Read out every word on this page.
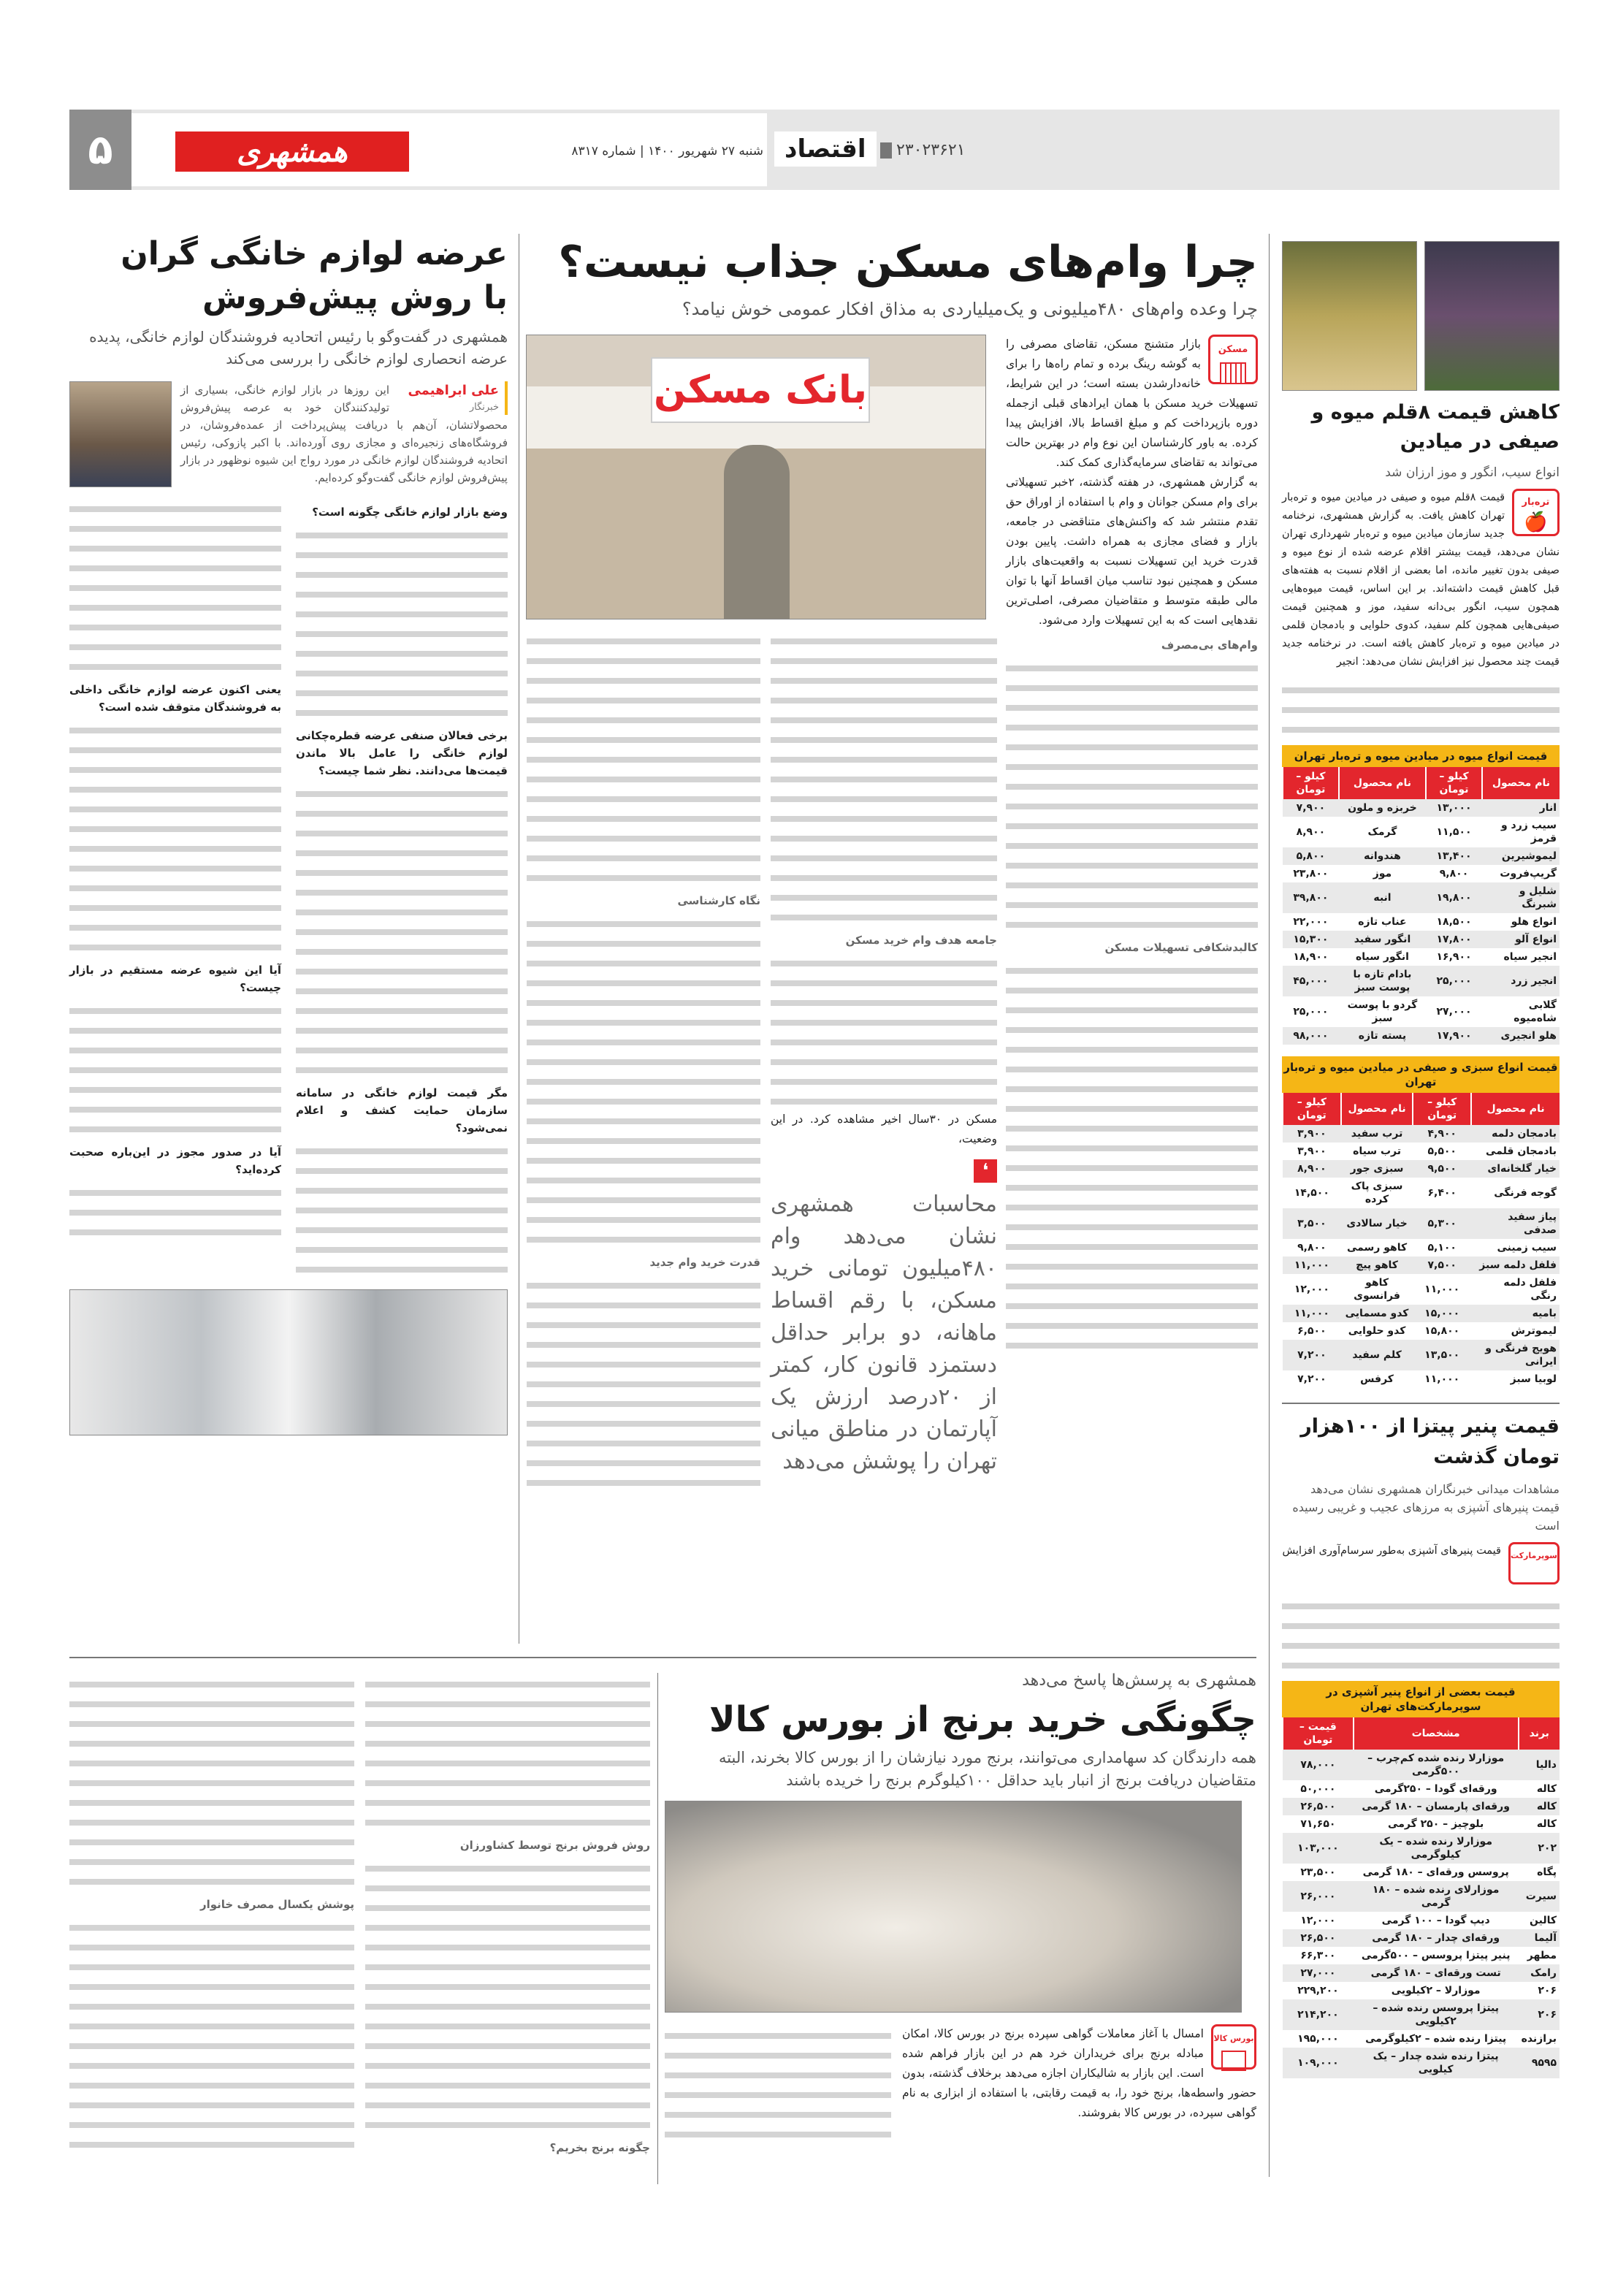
۵	همشهری	شنبه ۲۷ شهریور ۱۴۰۰ | شماره ۸۳۱۷ اقتصاد	۲۳۰۲۳۶۲۱
چرا وام‌های مسکن جذاب نیست؟
چرا وعده وام‌های ۴۸۰میلیونی و یک‌میلیاردی به مذاق افکار عمومی خوش نیامد؟
مسکن
بازار متشنج مسکن، تقاضای مصرفی را به گوشه رینگ برده و تمام راه‌ها را برای خانه‌دارشدن بسته است؛ در این شرایط، تسهیلات خرید مسکن با همان ایرادهای قبلی ازجمله دوره بازپرداخت کم و مبلغ اقساط بالا، افزایش پیدا کرده. به باور کارشناسان این نوع وام در بهترین حالت می‌تواند به تقاضای سرمایه‌گذاری کمک کند.
به گزارش همشهری، در هفته گذشته، ۲خبر تسهیلاتی برای وام مسکن جوانان و وام با استفاده از اوراق حق تقدم منتشر شد که واکنش‌های متناقضی در جامعه، بازار و فضای مجازی به همراه داشت. پایین بودن قدرت خرید این تسهیلات نسبت به واقعیت‌های بازار مسکن و همچنین نبود تناسب میان اقساط آنها با توان مالی طبقه متوسط و متقاضیان مصرفی، اصلی‌ترین نقدهایی است که به این تسهیلات وارد می‌شود.
وام‌های بی‌مصرف
کالبدشکافی تسهیلات مسکن
بانک مسکن
جامعه هدف وام خرید مسکن
مسکن در ۳۰سال اخیر مشاهده کرد. در این وضعیت،
❛
محاسبات همشهری نشان می‌دهد وام ۴۸۰میلیون تومانی خرید مسکن، با رقم اقساط ماهانه، دو برابر حداقل دستمزد قانون کار، کمتر از ۲۰درصد ارزش یک آپارتمان در مناطق میانی تهران را پوشش می‌دهد
نگاه کارشناسی
قدرت خرید وام جدید
عرضه لوازم خانگی گران
با روش پیش‌فروش
همشهری در گفت‌وگو با رئیس اتحادیه فروشندگان لوازم خانگی، پدیده عرضه انحصاری لوازم خانگی را بررسی می‌کند
علی ابراهیمی
خبرنگار
این روزها در بازار لوازم خانگی، بسیاری از تولیدکنندگان خود به عرصه پیش‌فروش محصولاتشان، آن‌هم با دریافت پیش‌پرداخت از عمده‌فروشان، در فروشگاه‌های زنجیره‌ای و مجازی روی آورده‌اند. با اکبر پازوکی، رئیس اتحادیه فروشندگان لوازم خانگی در مورد رواج این شیوه نوظهور در بازار پیش‌فروش لوازم خانگی گفت‌وگو کرده‌ایم.
وضع بازار لوازم خانگی چگونه است؟
برخی فعالان صنفی عرضه قطره‌چکانی لوازم خانگی را عامل بالا ماندن قیمت‌ها می‌دانند. نظر شما چیست؟
مگر قیمت لوازم خانگی در سامانه سازمان حمایت کشف و اعلام نمی‌شود؟
یعنی اکنون عرضه لوازم خانگی داخلی به فروشندگان متوقف شده است؟
آیا این شیوه عرضه مستقیم در بازار چیست؟
آیا در صدور مجوز در این‌باره صحبت کرده‌اید؟
همشهری به پرسش‌ها پاسخ می‌دهد
چگونگی خرید برنج از بورس کالا
همه دارندگان کد سهامداری می‌توانند، برنج مورد نیازشان را از بورس کالا بخرند، البته متقاضیان دریافت برنج از انبار باید حداقل ۱۰۰کیلوگرم برنج را خریده باشند
بورس کالا
امسال با آغاز معاملات گواهی سپرده برنج در بورس کالا، امکان مبادله برنج برای خریداران خرد هم در این بازار فراهم شده است. این بازار به شالیکاران اجازه می‌دهد برخلاف گذشته، بدون حضور واسطه‌ها، برنج خود را، به قیمت رقابتی، با استفاده از ابزاری به نام گواهی سپرده، در بورس کالا بفروشند.
روش فروش برنج توسط کشاورزان
چگونه برنج بخریم؟
پوشش یکسال مصرف خانوار
کاهش قیمت ۸قلم میوه و صیفی در میادین
انواع سیب، انگور و موز ارزان شد
تره‌بار
🍎
قیمت ۸قلم میوه و صیفی در میادین میوه و تره‌بار تهران کاهش یافت. به گزارش همشهری، نرخنامه جدید سازمان میادین میوه و تره‌بار شهرداری تهران نشان می‌دهد، قیمت بیشتر اقلام عرضه شده از نوع میوه و صیفی بدون تغییر مانده، اما بعضی از اقلام نسبت به هفته‌های قبل کاهش قیمت داشته‌اند. بر این اساس، قیمت میوه‌هایی همچون سیب، انگور بی‌دانه سفید، موز و همچنین قیمت صیفی‌هایی همچون کلم سفید، کدوی حلوایی و بادمجان قلمی در میادین میوه و تره‌بار کاهش یافته است. در نرخنامه جدید قیمت چند محصول نیز افزایش نشان می‌دهد: انجیر
قیمت انواع میوه در میادین میوه و تره‌بار تهران
نام محصول	کیلو – تومان	نام محصول	کیلو – تومان
انار	۱۳,۰۰۰	خربزه و ملون	۷,۹۰۰
سیب زرد و قرمز	۱۱,۵۰۰	گرمک	۸,۹۰۰
لیموشیرین	۱۳,۴۰۰	هندوانه	۵,۸۰۰
گریپ‌فروت	۹,۸۰۰	موز	۲۳,۸۰۰
شلیل و شبرنگ	۱۹,۸۰۰	انبه	۳۹,۸۰۰
انواع هلو	۱۸,۵۰۰	عناب تازه	۲۲,۰۰۰
انواع آلو	۱۷,۸۰۰	انگور سفید	۱۵,۳۰۰
انجیر سیاه	۱۶,۹۰۰	انگور سیاه	۱۸,۹۰۰
انجیر زرد	۲۵,۰۰۰	بادام تازه با پوست سبز	۴۵,۰۰۰
گلابی شاه‌میوه	۲۷,۰۰۰	گردو با پوست سبز	۲۵,۰۰۰
هلو انجیری	۱۷,۹۰۰	پسته تازه	۹۸,۰۰۰
قیمت انواع سبزی و صیفی در میادین میوه و تره‌بار تهران
نام محصول	کیلو – تومان	نام محصول	کیلو – تومان
بادمجان دلمه	۴,۹۰۰	ترب سفید	۳,۹۰۰
بادمجان قلمی	۵,۵۰۰	ترب سیاه	۳,۹۰۰
خیار گلخانه‌ای	۹,۵۰۰	سبزی جور	۸,۹۰۰
گوجه فرنگی	۶,۴۰۰	سبزی پاک کرده	۱۴,۵۰۰
پیاز سفید صدفی	۵,۳۰۰	خیار سالادی	۳,۵۰۰
سیب زمینی	۵,۱۰۰	کاهو رسمی	۹,۸۰۰
فلفل دلمه سبز	۷,۵۰۰	کاهو پیچ	۱۱,۰۰۰
فلفل دلمه رنگی	۱۱,۰۰۰	کاهو فرانسوی	۱۲,۰۰۰
بامیه	۱۵,۰۰۰	کدو مسمایی	۱۱,۰۰۰
لیموترش	۱۵,۸۰۰	کدو حلوایی	۶,۵۰۰
هویج فرنگی و ایرانی	۱۳,۵۰۰	کلم سفید	۷,۲۰۰
لوبیا سبز	۱۱,۰۰۰	کرفس	۷,۲۰۰
قیمت پنیر پیتزا از ۱۰۰هزار تومان گذشت
مشاهدات میدانی خبرنگاران همشهری نشان می‌دهد قیمت پنیرهای آشپزی به مرزهای عجیب و غریبی رسیده است
سوپرمارکت
قیمت پنیرهای آشپزی به‌طور سرسام‌آوری افزایش
قیمت بعضی از انواع پنیر آشپزی در سوپرمارکت‌های تهران
برند	مشخصات	قیمت – تومان
دالیا	موزارلا رنده شده کم‌چرب – ۵۰۰گرمی	۷۸,۰۰۰
کاله	ورقه‌ای گودا – ۲۵۰گرمی	۵۰,۰۰۰
کاله	ورقه‌ای پارمسان – ۱۸۰ گرمی	۲۶,۵۰۰
کاله	بلوچیز – ۲۵۰ گرمی	۷۱,۶۵۰
۲۰۲	موزارلا رنده شده – یک کیلوگرمی	۱۰۳,۰۰۰
پگاه	پروسس ورقه‌ای – ۱۸۰ گرمی	۲۳,۵۰۰
سیرت	موزارلای رنده شده – ۱۸۰ گرمی	۲۶,۰۰۰
کالین	دیپ گودا – ۱۰۰ گرمی	۱۲,۰۰۰
آلیما	ورقه‌ای چدار – ۱۸۰ گرمی	۲۶,۵۰۰
مطهر	پنیر پیتزا پروسس – ۵۰۰گرمی	۶۶,۳۰۰
رامک	تست ورقه‌ای – ۱۸۰ گرمی	۲۷,۰۰۰
۲۰۶	موزارلا – ۲کیلویی	۲۲۹,۲۰۰
۲۰۶	پیتزا پروسس رنده شده – ۲کیلویی	۲۱۴,۲۰۰
برازنده	پیتزا رنده شده – ۲کیلوگرمی	۱۹۵,۰۰۰
۹۵۹۵	پیتزا رنده شده چدار – یک کیلویی	۱۰۹,۰۰۰
